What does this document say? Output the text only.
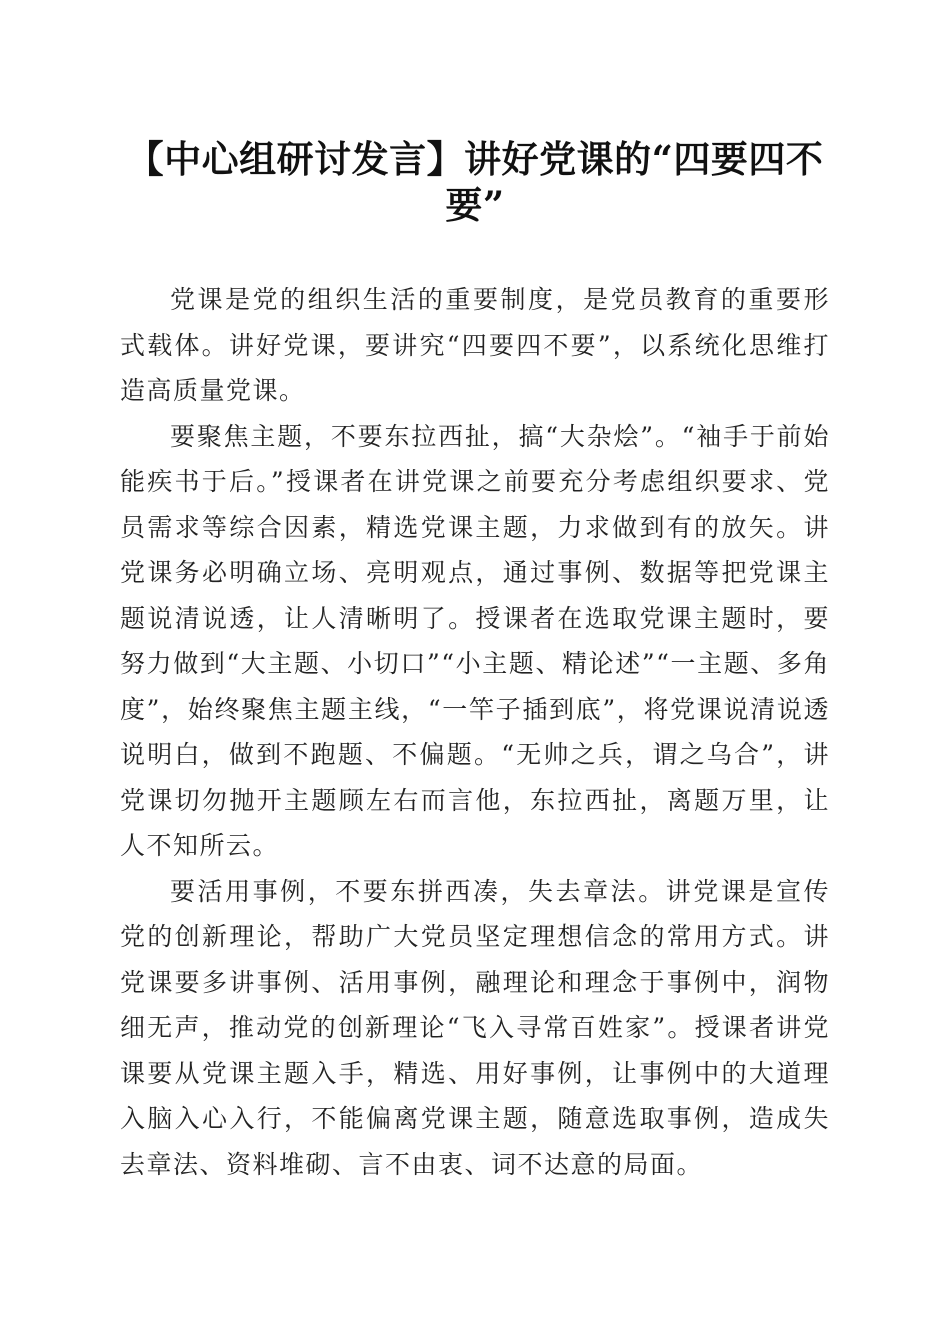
【中心组研讨发言】讲好党课的“四要四不要”

党课是党的组织生活的重要制度，是党员教育的重要形式载体。讲好党课，要讲究“四要四不要”，以系统化思维打造高质量党课。

要聚焦主题，不要东拉西扯，搞“大杂烩”。“袖手于前始能疾书于后。”授课者在讲党课之前要充分考虑组织要求、党员需求等综合因素，精选党课主题，力求做到有的放矢。讲党课务必明确立场、亮明观点，通过事例、数据等把党课主题说清说透，让人清晰明了。授课者在选取党课主题时，要努力做到“大主题、小切口”“小主题、精论述”“一主题、多角度”，始终聚焦主题主线，“一竿子插到底”，将党课说清说透说明白，做到不跑题、不偏题。“无帅之兵，谓之乌合”，讲党课切勿抛开主题顾左右而言他，东拉西扯，离题万里，让人不知所云。

要活用事例，不要东拼西凑，失去章法。讲党课是宣传党的创新理论，帮助广大党员坚定理想信念的常用方式。讲党课要多讲事例、活用事例，融理论和理念于事例中，润物细无声，推动党的创新理论“飞入寻常百姓家”。授课者讲党课要从党课主题入手，精选、用好事例，让事例中的大道理入脑入心入行，不能偏离党课主题，随意选取事例，造成失去章法、资料堆砌、言不由衷、词不达意的局面。
